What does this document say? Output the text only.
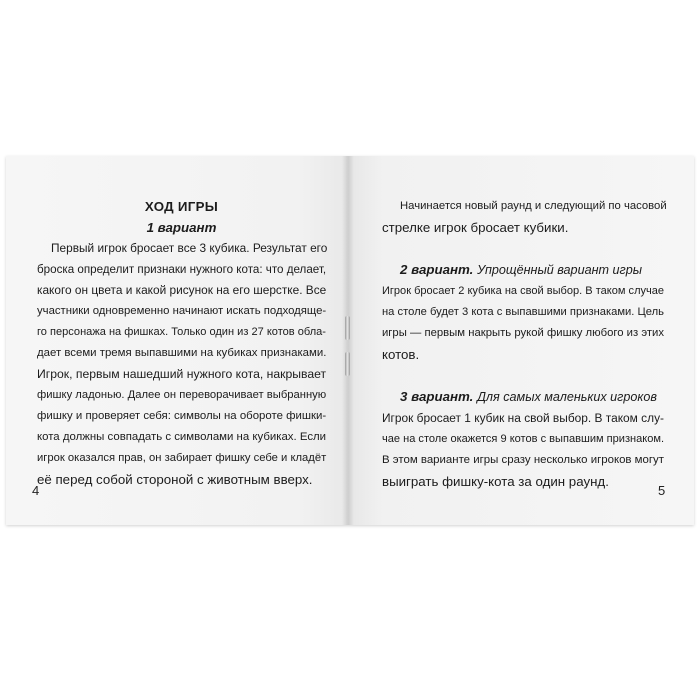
ХОД ИГРЫ
1 вариант
Первый игрок бросает все 3 кубика. Результат его
броска определит признаки нужного кота: что делает,
какого он цвета и какой рисунок на его шерстке. Все
участники одновременно начинают искать подходяще-
го персонажа на фишках. Только один из 27 котов обла-
дает всеми тремя выпавшими на кубиках признаками.
Игрок, первым нашедший нужного кота, накрывает
фишку ладонью. Далее он переворачивает выбранную
фишку и проверяет себя: символы на обороте фишки-
кота должны совпадать с символами на кубиках. Если
игрок оказался прав, он забирает фишку себе и кладёт
её перед собой стороной с животным вверх.
4
Начинается новый раунд и следующий по часовой
стрелке игрок бросает кубики.
2 вариант. Упрощённый вариант игры
Игрок бросает 2 кубика на свой выбор. В таком случае
на столе будет 3 кота с выпавшими признаками. Цель
игры — первым накрыть рукой фишку любого из этих
котов.
3 вариант. Для самых маленьких игроков
Игрок бросает 1 кубик на свой выбор. В таком слу-
чае на столе окажется 9 котов с выпавшим признаком.
В этом варианте игры сразу несколько игроков могут
выиграть фишку-кота за один раунд.
5
